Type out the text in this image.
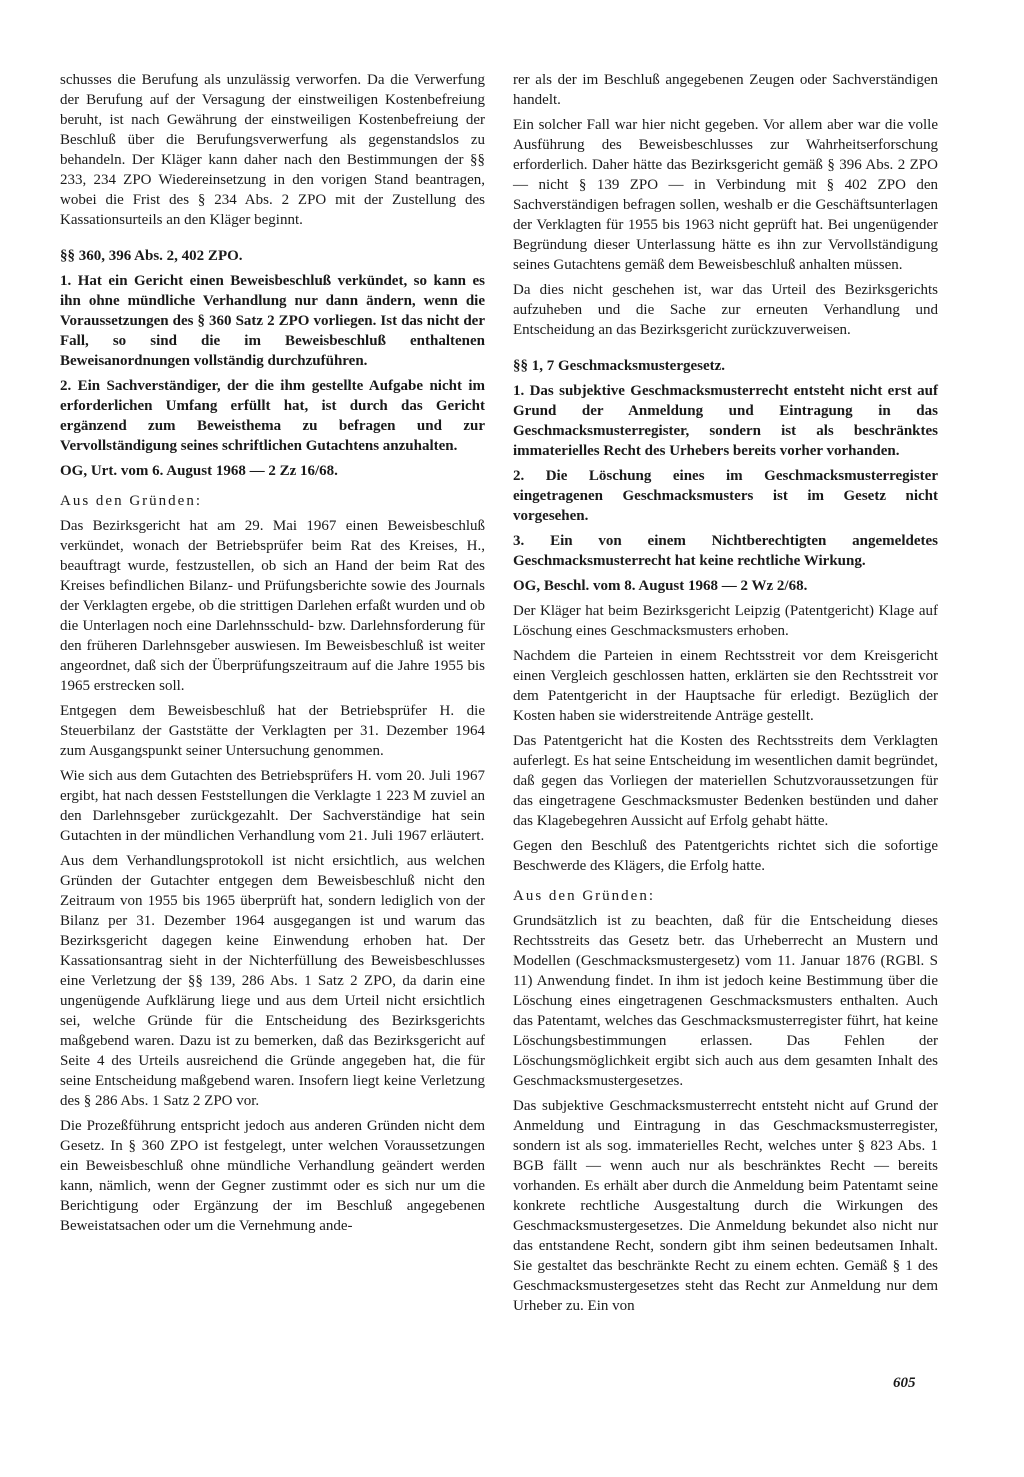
schusses die Berufung als unzulässig verworfen. Da die Verwerfung der Berufung auf der Versagung der einstweiligen Kostenbefreiung beruht, ist nach Gewährung der einstweiligen Kostenbefreiung der Beschluß über die Berufungsverwerfung als gegenstandslos zu behandeln. Der Kläger kann daher nach den Bestimmungen der §§ 233, 234 ZPO Wiedereinsetzung in den vorigen Stand beantragen, wobei die Frist des § 234 Abs. 2 ZPO mit der Zustellung des Kassationsurteils an den Kläger beginnt.

§§ 360, 396 Abs. 2, 402 ZPO.

1. Hat ein Gericht einen Beweisbeschluß verkündet, so kann es ihn ohne mündliche Verhandlung nur dann ändern, wenn die Voraussetzungen des § 360 Satz 2 ZPO vorliegen. Ist das nicht der Fall, so sind die im Beweisbeschluß enthaltenen Beweisanordnungen vollständig durchzuführen.

2. Ein Sachverständiger, der die ihm gestellte Aufgabe nicht im erforderlichen Umfang erfüllt hat, ist durch das Gericht ergänzend zum Beweisthema zu befragen und zur Vervollständigung seines schriftlichen Gutachtens anzuhalten.

OG, Urt. vom 6. August 1968 — 2 Zz 16/68.

Aus den Gründen:

Das Bezirksgericht hat am 29. Mai 1967 einen Beweisbeschluß verkündet, wonach der Betriebsprüfer beim Rat des Kreises, H., beauftragt wurde, festzustellen, ob sich an Hand der beim Rat des Kreises befindlichen Bilanz- und Prüfungsberichte sowie des Journals der Verklagten ergebe, ob die strittigen Darlehen erfaßt wurden und ob die Unterlagen noch eine Darlehnsschuld- bzw. Darlehnsforderung für den früheren Darlehnsgeber auswiesen. Im Beweisbeschluß ist weiter angeordnet, daß sich der Überprüfungszeitraum auf die Jahre 1955 bis 1965 erstrecken soll.

Entgegen dem Beweisbeschluß hat der Betriebsprüfer H. die Steuerbilanz der Gaststätte der Verklagten per 31. Dezember 1964 zum Ausgangspunkt seiner Untersuchung genommen.

Wie sich aus dem Gutachten des Betriebsprüfers H. vom 20. Juli 1967 ergibt, hat nach dessen Feststellungen die Verklagte 1 223 M zuviel an den Darlehnsgeber zurückgezahlt. Der Sachverständige hat sein Gutachten in der mündlichen Verhandlung vom 21. Juli 1967 erläutert.

Aus dem Verhandlungsprotokoll ist nicht ersichtlich, aus welchen Gründen der Gutachter entgegen dem Beweisbeschluß nicht den Zeitraum von 1955 bis 1965 überprüft hat, sondern lediglich von der Bilanz per 31. Dezember 1964 ausgegangen ist und warum das Bezirksgericht dagegen keine Einwendung erhoben hat. Der Kassationsantrag sieht in der Nichterfüllung des Beweisbeschlusses eine Verletzung der §§ 139, 286 Abs. 1 Satz 2 ZPO, da darin eine ungenügende Aufklärung liege und aus dem Urteil nicht ersichtlich sei, welche Gründe für die Entscheidung des Bezirksgerichts maßgebend waren. Dazu ist zu bemerken, daß das Bezirksgericht auf Seite 4 des Urteils ausreichend die Gründe angegeben hat, die für seine Entscheidung maßgebend waren. Insofern liegt keine Verletzung des § 286 Abs. 1 Satz 2 ZPO vor.

Die Prozeßführung entspricht jedoch aus anderen Gründen nicht dem Gesetz. In § 360 ZPO ist festgelegt, unter welchen Voraussetzungen ein Beweisbeschluß ohne mündliche Verhandlung geändert werden kann, nämlich, wenn der Gegner zustimmt oder es sich nur um die Berichtigung oder Ergänzung der im Beschluß angegebenen Beweistatsachen oder um die Vernehmung ande-

rer als der im Beschluß angegebenen Zeugen oder Sachverständigen handelt.

Ein solcher Fall war hier nicht gegeben. Vor allem aber war die volle Ausführung des Beweisbeschlusses zur Wahrheitserforschung erforderlich. Daher hätte das Bezirksgericht gemäß § 396 Abs. 2 ZPO — nicht § 139 ZPO — in Verbindung mit § 402 ZPO den Sachverständigen befragen sollen, weshalb er die Geschäftsunterlagen der Verklagten für 1955 bis 1963 nicht geprüft hat. Bei ungenügender Begründung dieser Unterlassung hätte es ihn zur Vervollständigung seines Gutachtens gemäß dem Beweisbeschluß anhalten müssen.

Da dies nicht geschehen ist, war das Urteil des Bezirksgerichts aufzuheben und die Sache zur erneuten Verhandlung und Entscheidung an das Bezirksgericht zurückzuverweisen.

§§ 1, 7 Geschmacksmustergesetz.

1. Das subjektive Geschmacksmusterrecht entsteht nicht erst auf Grund der Anmeldung und Eintragung in das Geschmacksmusterregister, sondern ist als beschränktes immaterielles Recht des Urhebers bereits vorher vorhanden.

2. Die Löschung eines im Geschmacksmusterregister eingetragenen Geschmacksmusters ist im Gesetz nicht vorgesehen.

3. Ein von einem Nichtberechtigten angemeldetes Geschmacksmusterrecht hat keine rechtliche Wirkung.

OG, Beschl. vom 8. August 1968 — 2 Wz 2/68.

Der Kläger hat beim Bezirksgericht Leipzig (Patentgericht) Klage auf Löschung eines Geschmacksmusters erhoben.

Nachdem die Parteien in einem Rechtsstreit vor dem Kreisgericht einen Vergleich geschlossen hatten, erklärten sie den Rechtsstreit vor dem Patentgericht in der Hauptsache für erledigt. Bezüglich der Kosten haben sie widerstreitende Anträge gestellt.

Das Patentgericht hat die Kosten des Rechtsstreits dem Verklagten auferlegt. Es hat seine Entscheidung im wesentlichen damit begründet, daß gegen das Vorliegen der materiellen Schutzvoraussetzungen für das eingetragene Geschmacksmuster Bedenken bestünden und daher das Klagebegehren Aussicht auf Erfolg gehabt hätte.

Gegen den Beschluß des Patentgerichts richtet sich die sofortige Beschwerde des Klägers, die Erfolg hatte.

Aus den Gründen:

Grundsätzlich ist zu beachten, daß für die Entscheidung dieses Rechtsstreits das Gesetz betr. das Urheberrecht an Mustern und Modellen (Geschmacksmustergesetz) vom 11. Januar 1876 (RGBl. S 11) Anwendung findet. In ihm ist jedoch keine Bestimmung über die Löschung eines eingetragenen Geschmacksmusters enthalten. Auch das Patentamt, welches das Geschmacksmusterregister führt, hat keine Löschungsbestimmungen erlassen. Das Fehlen der Löschungsmöglichkeit ergibt sich auch aus dem gesamten Inhalt des Geschmacksmustergesetzes.

Das subjektive Geschmacksmusterrecht entsteht nicht auf Grund der Anmeldung und Eintragung in das Geschmacksmusterregister, sondern ist als sog. immaterielles Recht, welches unter § 823 Abs. 1 BGB fällt — wenn auch nur als beschränktes Recht — bereits vorhanden. Es erhält aber durch die Anmeldung beim Patentamt seine konkrete rechtliche Ausgestaltung durch die Wirkungen des Geschmacksmustergesetzes. Die Anmeldung bekundet also nicht nur das entstandene Recht, sondern gibt ihm seinen bedeutsamen Inhalt. Sie gestaltet das beschränkte Recht zu einem echten. Gemäß § 1 des Geschmacksmustergesetzes steht das Recht zur Anmeldung nur dem Urheber zu. Ein von

605
